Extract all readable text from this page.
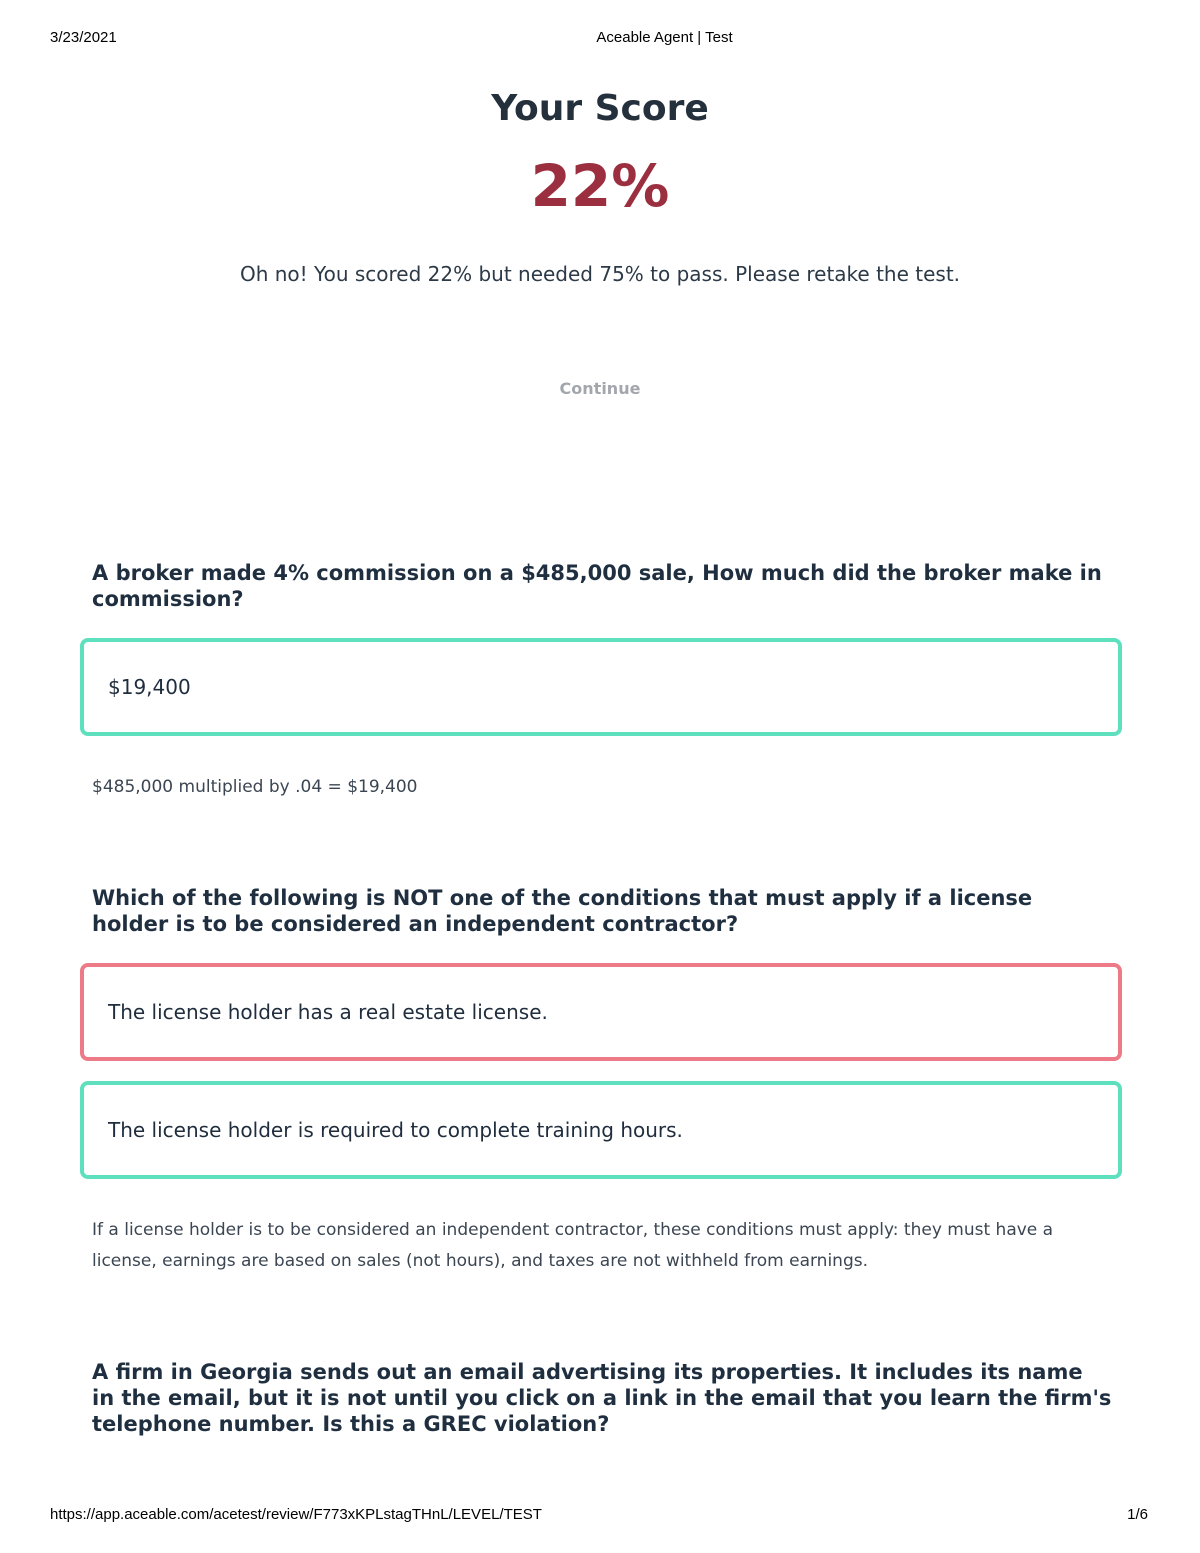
3/23/2021	Aceable Agent | Test
Your Score
22%
Oh no! You scored 22% but needed 75% to pass. Please retake the test.
Continue
A broker made 4% commission on a $485,000 sale, How much did the broker make in commission?
$19,400
$485,000 multiplied by .04 = $19,400
Which of the following is NOT one of the conditions that must apply if a license holder is to be considered an independent contractor?
The license holder has a real estate license.
The license holder is required to complete training hours.
If a license holder is to be considered an independent contractor, these conditions must apply: they must have a license, earnings are based on sales (not hours), and taxes are not withheld from earnings.
A firm in Georgia sends out an email advertising its properties. It includes its name in the email, but it is not until you click on a link in the email that you learn the firm's telephone number. Is this a GREC violation?
https://app.aceable.com/acetest/review/F773xKPLstagTHnL/LEVEL/TEST	1/6
